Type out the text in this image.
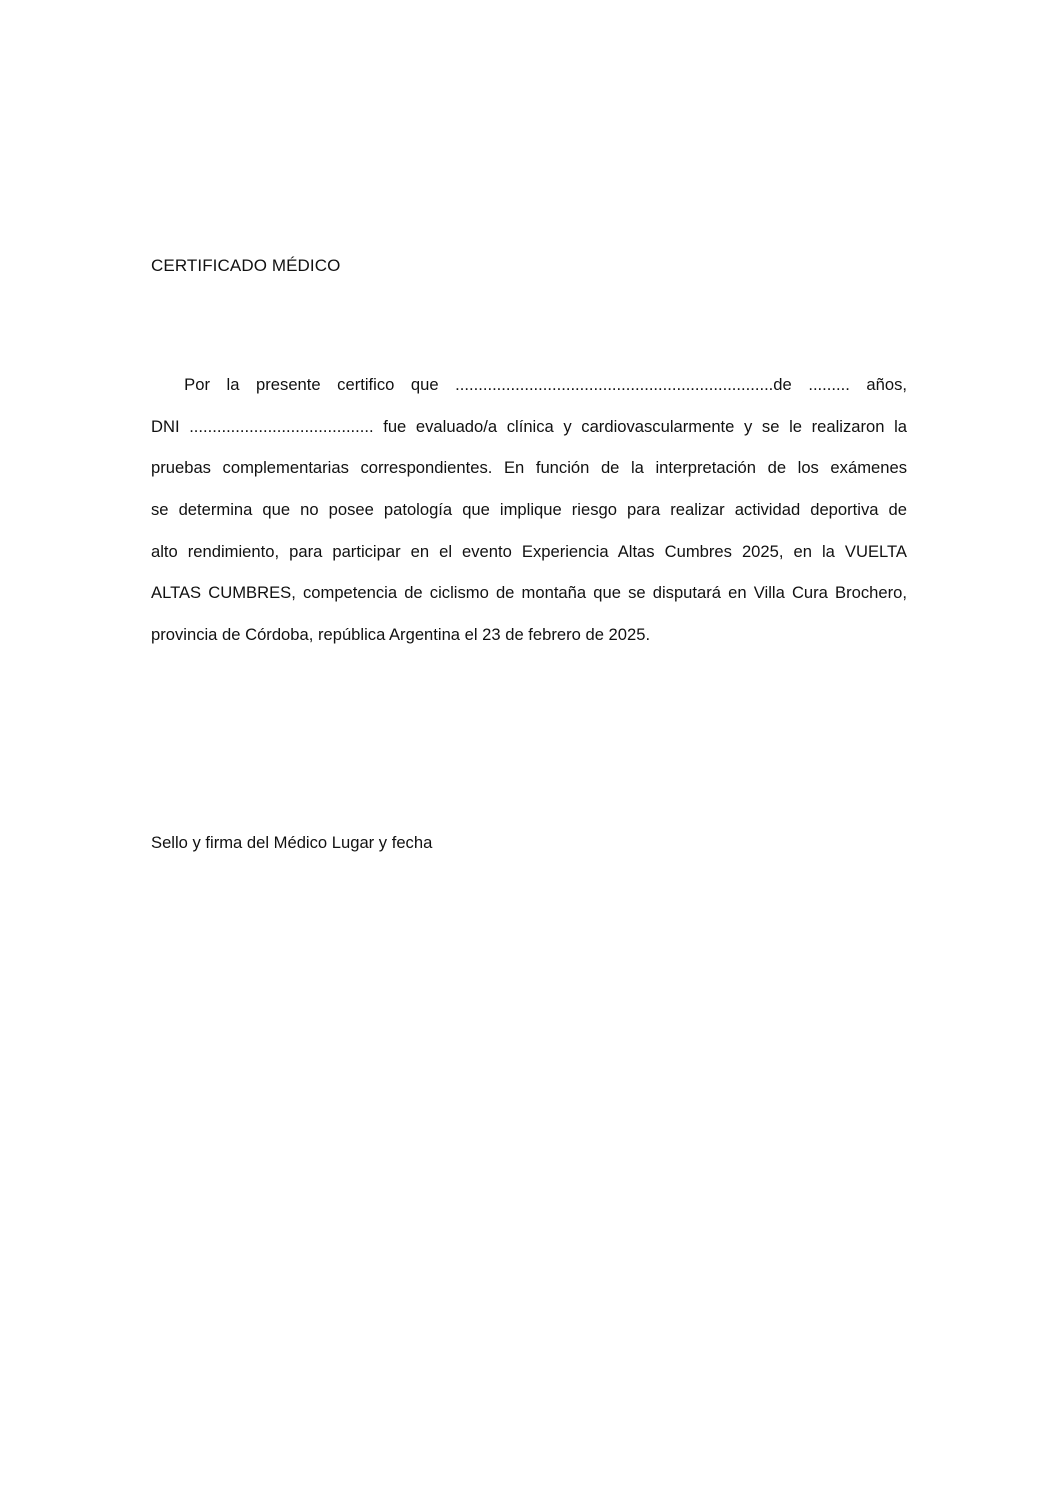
CERTIFICADO MÉDICO
Por la presente certifico que .....................................................................de ......... años,
DNI ........................................ fue evaluado/a clínica y cardiovascularmente y se le realizaron la
pruebas complementarias correspondientes. En función de la interpretación de los exámenes
se determina que no posee patología que implique riesgo para realizar actividad deportiva de
alto rendimiento, para participar en el evento Experiencia Altas Cumbres 2025, en la VUELTA
ALTAS CUMBRES, competencia de ciclismo de montaña que se disputará en Villa Cura Brochero,
provincia de Córdoba, república Argentina el 23 de febrero de 2025.
Sello y firma del Médico Lugar y fecha
